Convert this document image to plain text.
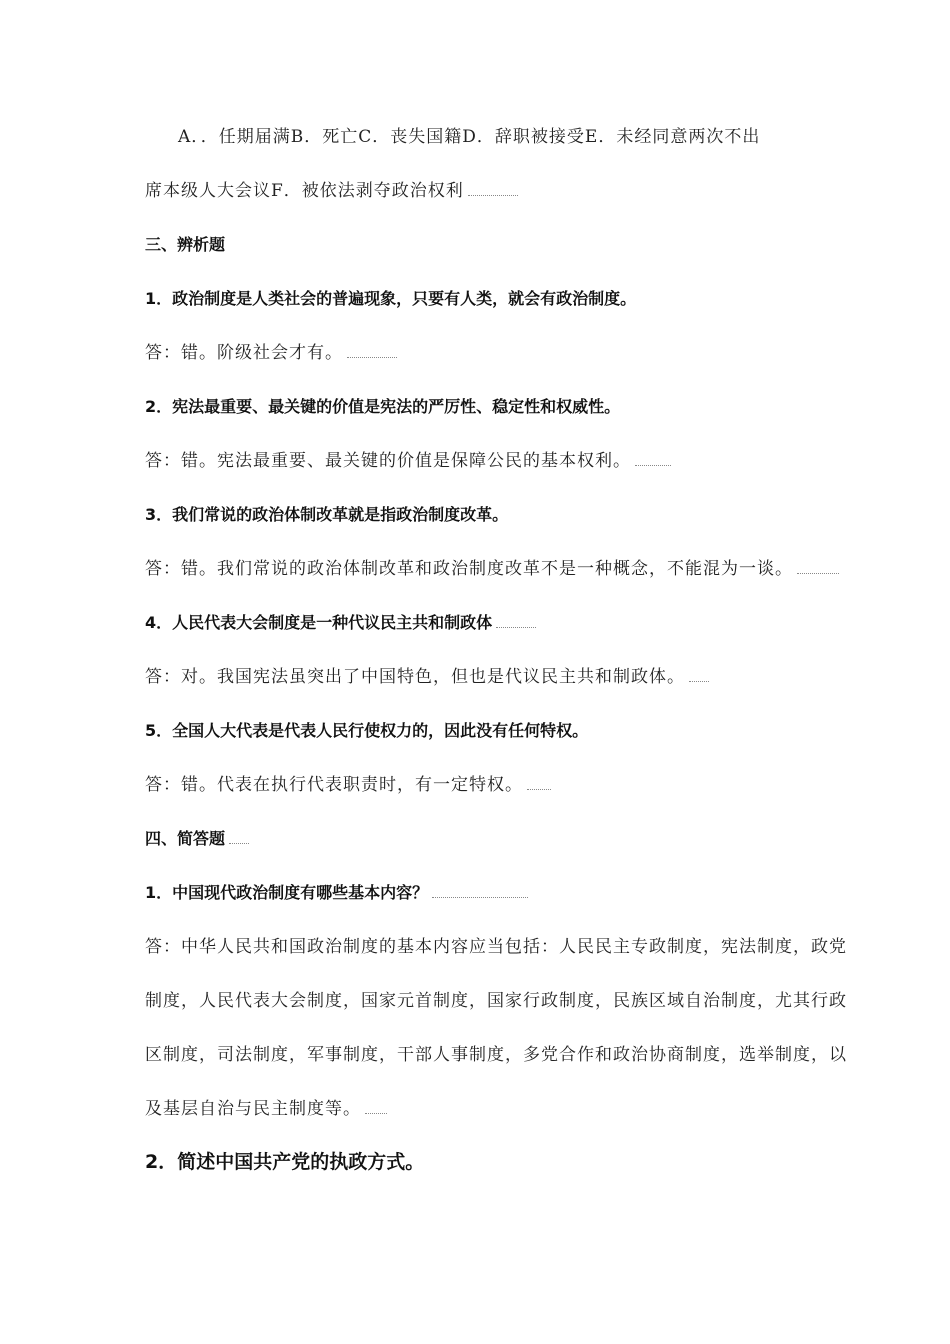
A．．任期届满B．死亡C．丧失国籍D．辞职被接受E．未经同意两次不出
席本级人大会议F．被依法剥夺政治权利
三、辨析题
1．政治制度是人类社会的普遍现象，只要有人类，就会有政治制度。
答：错。阶级社会才有。
2．宪法最重要、最关键的价值是宪法的严厉性、稳定性和权威性。
答：错。宪法最重要、最关键的价值是保障公民的基本权利。
3．我们常说的政治体制改革就是指政治制度改革。
答：错。我们常说的政治体制改革和政治制度改革不是一种概念，不能混为一谈。
4．人民代表大会制度是一种代议民主共和制政体
答：对。我国宪法虽突出了中国特色，但也是代议民主共和制政体。
5．全国人大代表是代表人民行使权力的，因此没有任何特权。
答：错。代表在执行代表职责时，有一定特权。
四、简答题
1．中国现代政治制度有哪些基本内容？
答：中华人民共和国政治制度的基本内容应当包括：人民民主专政制度，宪法制度，政党
制度，人民代表大会制度，国家元首制度，国家行政制度，民族区域自治制度，尤其行政
区制度，司法制度，军事制度，干部人事制度，多党合作和政治协商制度，选举制度，以
及基层自治与民主制度等。
2．简述中国共产党的执政方式。
